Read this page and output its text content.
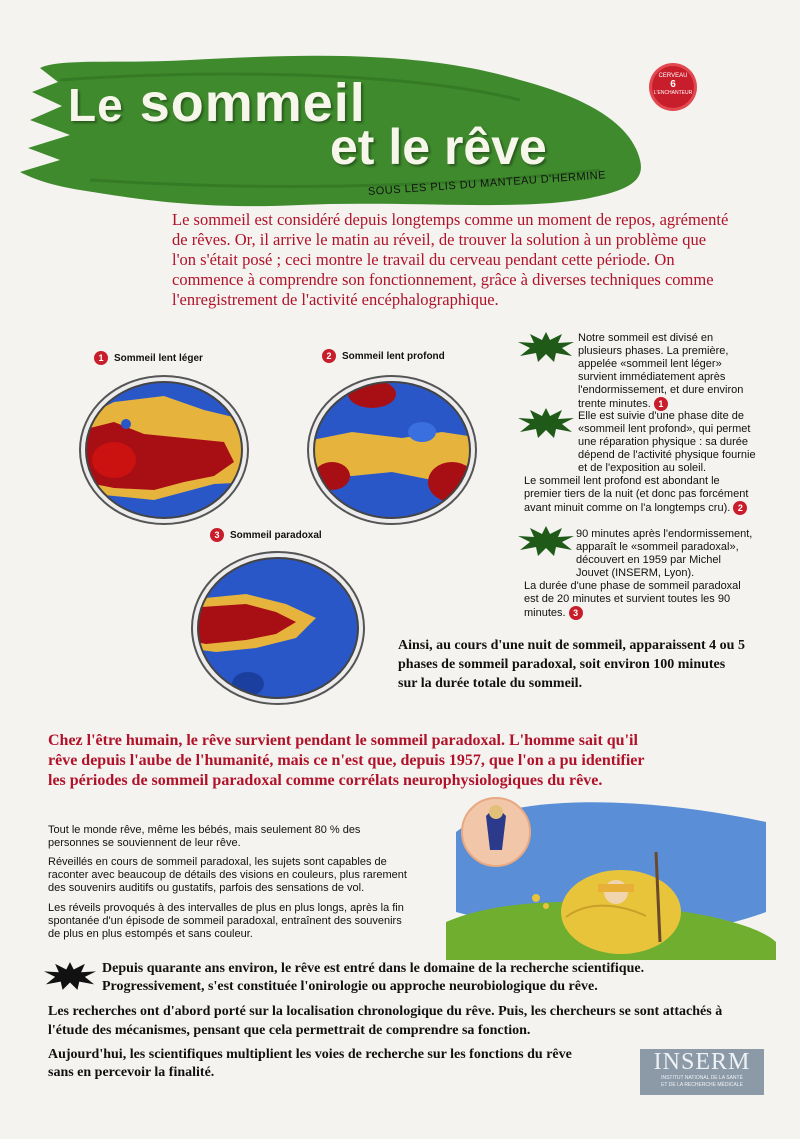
Le sommeil
et le rêve
CERVEAU
6
L'ENCHANTEUR
SOUS LES PLIS DU MANTEAU D'HERMINE
Le sommeil est considéré depuis longtemps comme un moment de repos, agrémenté de rêves. Or, il arrive le matin au réveil, de trouver la solution à un problème que l'on s'était posé ; ceci montre le travail du cerveau pendant cette période. On commence à comprendre son fonctionnement, grâce à diverses techniques comme l'enregistrement de l'activité encéphalographique.
1	Sommeil lent léger	2	Sommeil lent profond
3	Sommeil paradoxal
Notre sommeil est divisé en plusieurs phases. La première, appelée «sommeil lent léger» survient immédiatement après l'endormissement, et dure environ trente minutes. 1
Elle est suivie d'une phase dite de «sommeil lent profond», qui permet une réparation physique : sa durée dépend de l'activité physique fournie et de l'exposition au soleil.
Le sommeil lent profond est abondant le premier tiers de la nuit (et donc pas forcément avant minuit comme on l'a longtemps cru). 2
90 minutes après l'endormissement, apparaît le «sommeil paradoxal», découvert en 1959 par Michel Jouvet (INSERM, Lyon).
La durée d'une phase de sommeil paradoxal est de 20 minutes et survient toutes les 90 minutes. 3
Ainsi, au cours d'une nuit de sommeil, apparaissent 4 ou 5 phases de sommeil paradoxal, soit environ 100 minutes sur la durée totale du sommeil.
Chez l'être humain, le rêve survient pendant le sommeil paradoxal. L'homme sait qu'il rêve depuis l'aube de l'humanité, mais ce n'est que, depuis 1957, que l'on a pu identifier les périodes de sommeil paradoxal comme corrélats neurophysiologiques du rêve.
Tout le monde rêve, même les bébés, mais seulement 80 % des personnes se souviennent de leur rêve.
Réveillés en cours de sommeil paradoxal, les sujets sont capables de raconter avec beaucoup de détails des visions en couleurs, plus rarement des souvenirs auditifs ou gustatifs, parfois des sensations de vol.
Les réveils provoqués à des intervalles de plus en plus longs, après la fin spontanée d'un épisode de sommeil paradoxal, entraînent des souvenirs de plus en plus estompés et sans couleur.
Depuis quarante ans environ, le rêve est entré dans le domaine de la recherche scientifique. Progressivement, s'est constituée l'onirologie ou approche neurobiologique du rêve.
Les recherches ont d'abord porté sur la localisation chronologique du rêve. Puis, les chercheurs se sont attachés à l'étude des mécanismes, pensant que cela permettrait de comprendre sa fonction.
Aujourd'hui, les scientifiques multiplient les voies de recherche sur les fonctions du rêve sans en percevoir la finalité.	INSERM
INSTITUT NATIONAL DE LA SANTÉ
ET DE LA RECHERCHE MÉDICALE
